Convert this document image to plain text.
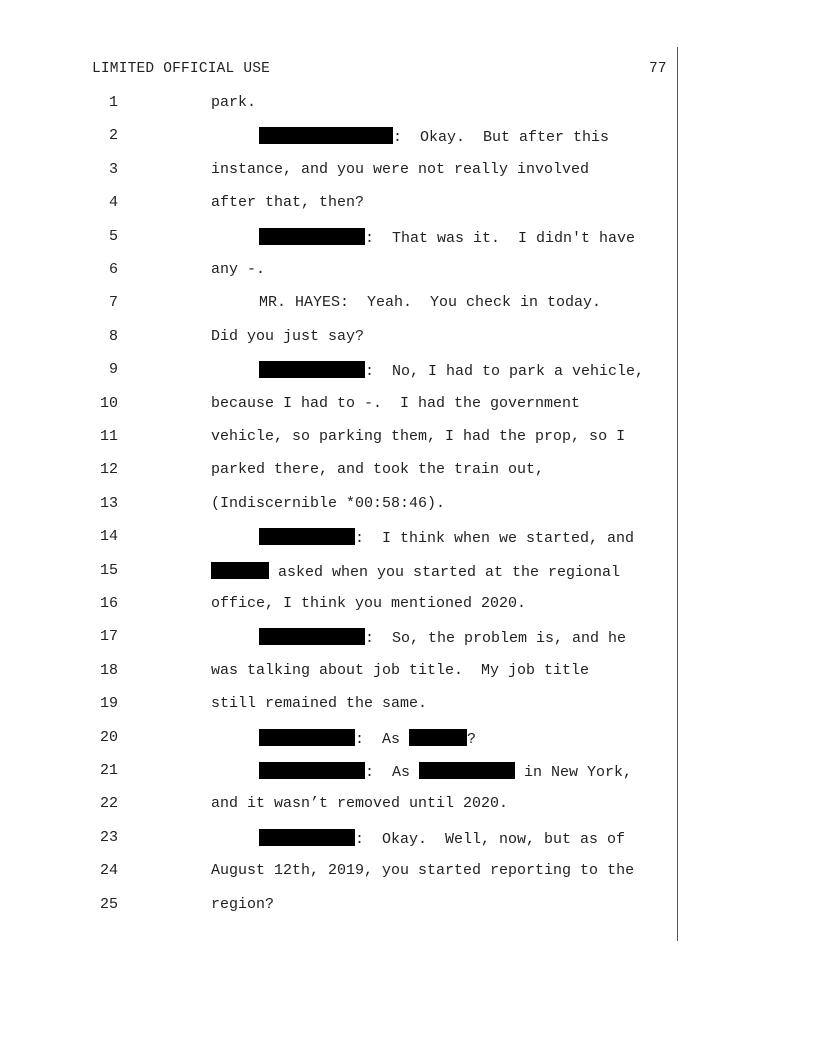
LIMITED OFFICIAL USE	77
1	park.
2	:  Okay.  But after this
3	instance, and you were not really involved
4	after that, then?
5	:  That was it.  I didn't have
6	any -.
7	MR. HAYES:  Yeah.  You check in today.
8	Did you just say?
9	:  No, I had to park a vehicle,
10	because I had to -.  I had the government
11	vehicle, so parking them, I had the prop, so I
12	parked there, and took the train out,
13	(Indiscernible *00:58:46).
14	:  I think when we started, and
15	asked when you started at the regional
16	office, I think you mentioned 2020.
17	:  So, the problem is, and he
18	was talking about job title.  My job title
19	still remained the same.
20	:  As	?
21	:  As	in New York,
22	and it wasn’t removed until 2020.
23	:  Okay.  Well, now, but as of
24	August 12th, 2019, you started reporting to the
25	region?
